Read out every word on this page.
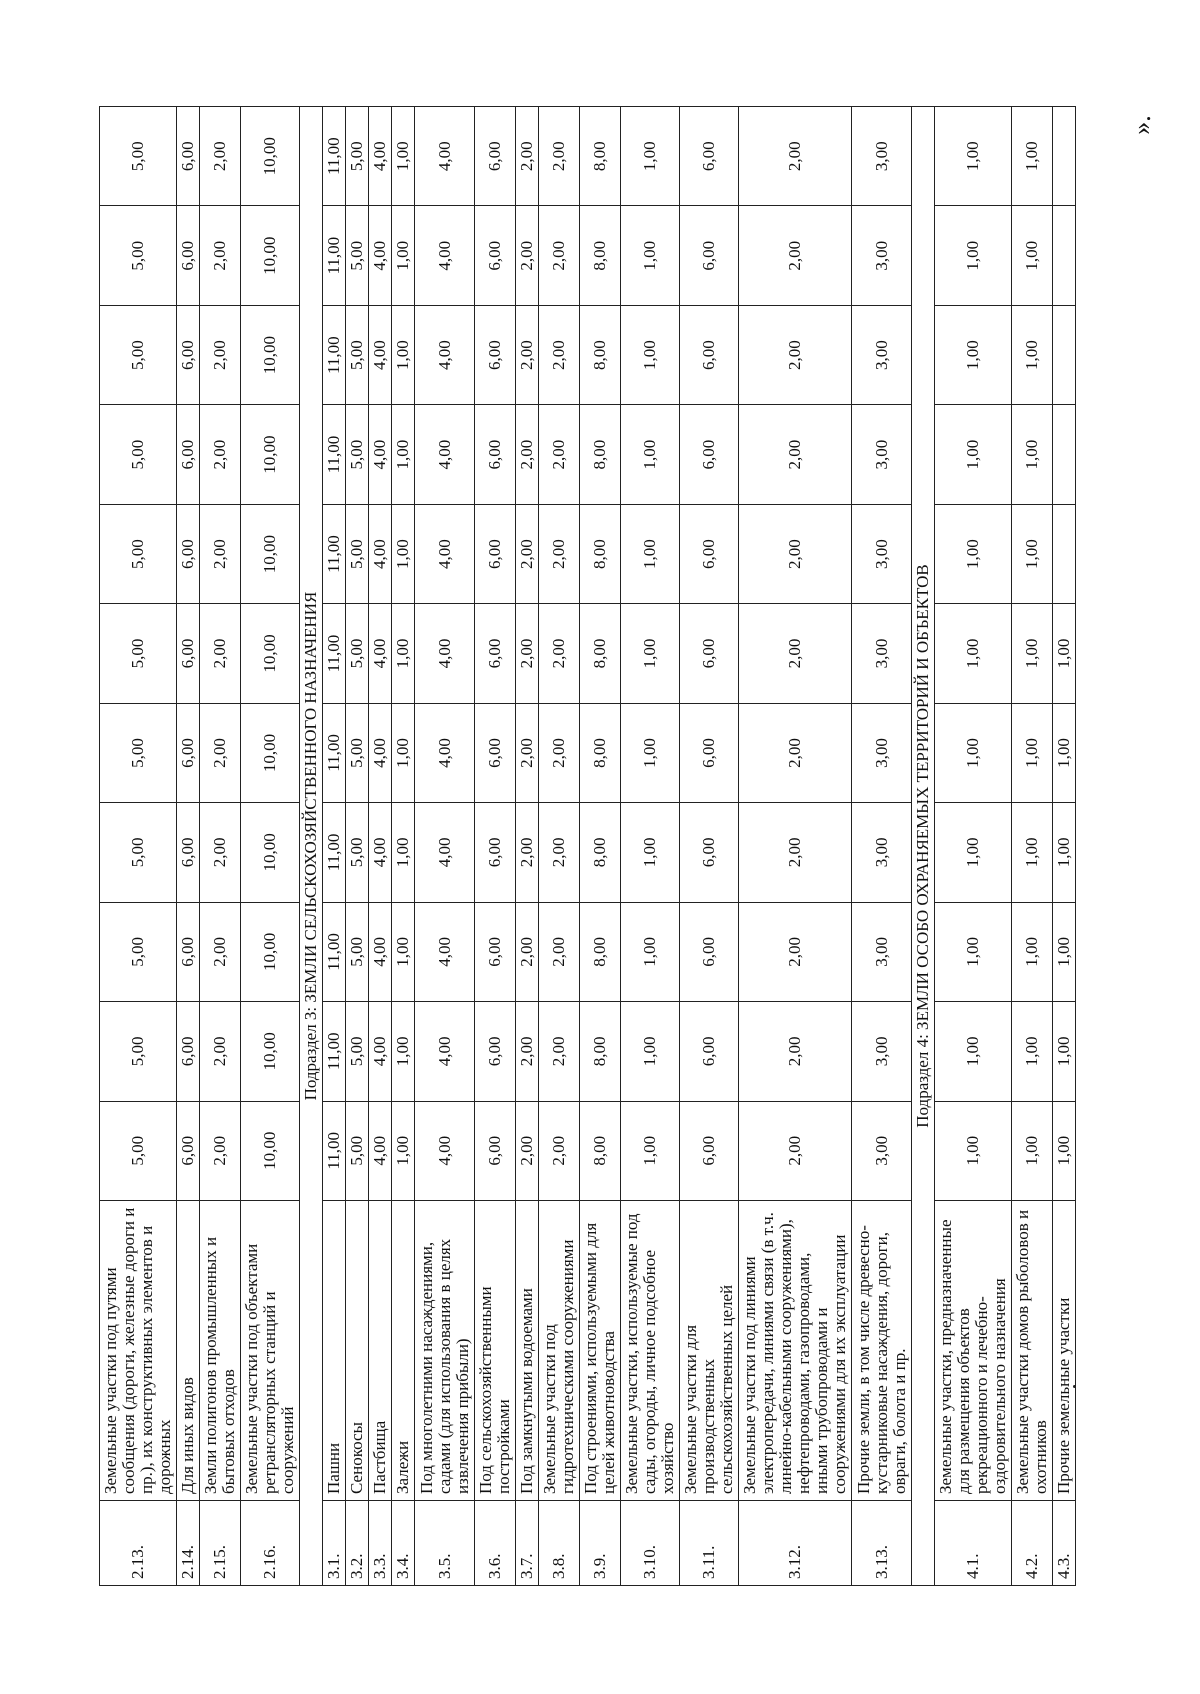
2.13.	Земельные участки под путями сообщения (дороги, железные дороги и пр.), их конструктивных элементов и дорожных	5,00	5,00	5,00	5,00	5,00	5,00	5,00	5,00	5,00	5,00	5,00
2.14.	Для иных видов	6,00	6,00	6,00	6,00	6,00	6,00	6,00	6,00	6,00	6,00	6,00
2.15.	Земли полигонов промышленных и бытовых отходов	2,00	2,00	2,00	2,00	2,00	2,00	2,00	2,00	2,00	2,00	2,00
2.16.	Земельные участки под объектами ретрансляторных станций и сооружений	10,00	10,00	10,00	10,00	10,00	10,00	10,00	10,00	10,00	10,00	10,00
Подраздел 3: ЗЕМЛИ СЕЛЬСКОХОЗЯЙСТВЕННОГО НАЗНАЧЕНИЯ												
3.1.	Пашни	11,00	11,00	11,00	11,00	11,00	11,00	11,00	11,00	11,00	11,00	11,00
3.2.	Сенокосы	5,00	5,00	5,00	5,00	5,00	5,00	5,00	5,00	5,00	5,00	5,00
3.3.	Пастбища	4,00	4,00	4,00	4,00	4,00	4,00	4,00	4,00	4,00	4,00	4,00
3.4.	Залежи	1,00	1,00	1,00	1,00	1,00	1,00	1,00	1,00	1,00	1,00	1,00
3.5.	Под многолетними насаждениями, садами (для использования в целях извлечения прибыли)	4,00	4,00	4,00	4,00	4,00	4,00	4,00	4,00	4,00	4,00	4,00
3.6.	Под сельскохозяйственными постройками	6,00	6,00	6,00	6,00	6,00	6,00	6,00	6,00	6,00	6,00	6,00
3.7.	Под замкнутыми водоемами	2,00	2,00	2,00	2,00	2,00	2,00	2,00	2,00	2,00	2,00	2,00
3.8.	Земельные участки под гидротехническими сооружениями	2,00	2,00	2,00	2,00	2,00	2,00	2,00	2,00	2,00	2,00	2,00
3.9.	Под строениями, используемыми для целей животноводства	8,00	8,00	8,00	8,00	8,00	8,00	8,00	8,00	8,00	8,00	8,00
3.10.	Земельные участки, используемые под сады, огороды, личное подсобное хозяйство	1,00	1,00	1,00	1,00	1,00	1,00	1,00	1,00	1,00	1,00	1,00
3.11.	Земельные участки для производственных сельскохозяйственных целей	6,00	6,00	6,00	6,00	6,00	6,00	6,00	6,00	6,00	6,00	6,00
3.12.	Земельные участки под линиями электропередачи, линиями связи (в т.ч. линейно-кабельными сооружениями), нефтепроводами, газопроводами, иными трубопроводами и сооружениями для их эксплуатации	2,00	2,00	2,00	2,00	2,00	2,00	2,00	2,00	2,00	2,00	2,00
3.13.	Прочие земли, в том числе древесно-кустарниковые насаждения, дороги, овраги, болота и пр.	3,00	3,00	3,00	3,00	3,00	3,00	3,00	3,00	3,00	3,00	3,00
Подраздел 4: ЗЕМЛИ ОСОБО ОХРАНЯЕМЫХ ТЕРРИТОРИЙ И ОБЪЕКТОВ												
4.1.	Земельные участки, предназначенные для размещения объектов рекреационного и лечебно-оздоровительного назначения	1,00	1,00	1,00	1,00	1,00	1,00	1,00	1,00	1,00	1,00	1,00
4.2.	Земельные участки домов рыболовов и охотников	1,00	1,00	1,00	1,00	1,00	1,00	1,00	1,00	1,00	1,00	1,00
4.3.	Прочие земельные участки	1,00	1,00	1,00	1,00	1,00	1,00					
».
